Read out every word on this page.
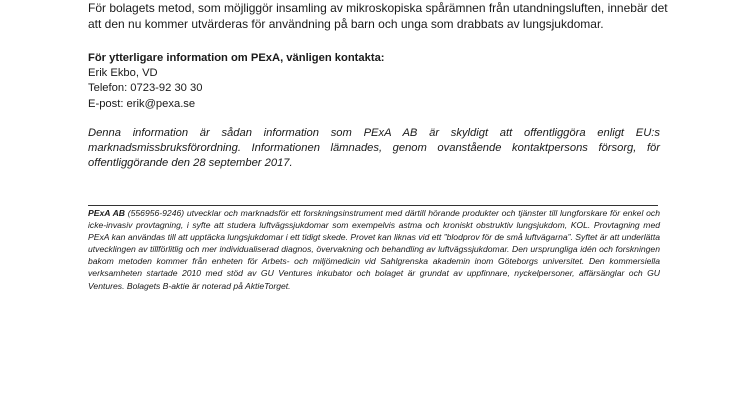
För bolagets metod, som möjliggör insamling av mikroskopiska spårämnen från utandningsluften, innebär det
att den nu kommer utvärderas för användning på barn och unga som drabbats av lungsjukdomar.

För ytterligare information om PExA, vänligen kontakta:
Erik Ekbo, VD
Telefon: 0723-92 30 30
E-post: erik@pexa.se

Denna information är sådan information som PExA AB är skyldigt att offentliggöra enligt EU:s marknadsmissbruksförordning. Informationen lämnades, genom ovanstående kontaktpersons försorg, för offentliggörande den 28 september 2017.

PExA AB (556956-9246) utvecklar och marknadsför ett forskningsinstrument med därtill hörande produkter och tjänster till lungforskare för enkel och icke-invasiv provtagning, i syfte att studera luftvägssjukdomar som exempelvis astma och kroniskt obstruktiv lungsjukdom, KOL. Provtagning med PExA kan användas till att upptäcka lungsjukdomar i ett tidigt skede. Provet kan liknas vid ett ”blodprov för de små luftvägarna”. Syftet är att underlätta utvecklingen av tillförlitlig och mer individualiserad diagnos, övervakning och behandling av luftvägssjukdomar. Den ursprungliga idén och forskningen bakom metoden kommer från enheten för Arbets- och miljömedicin vid Sahlgrenska akademin inom Göteborgs universitet. Den kommersiella verksamheten startade 2010 med stöd av GU Ventures inkubator och bolaget är grundat av uppfinnare, nyckelpersoner, affärsänglar och GU Ventures. Bolagets B-aktie är noterad på AktieTorget.
